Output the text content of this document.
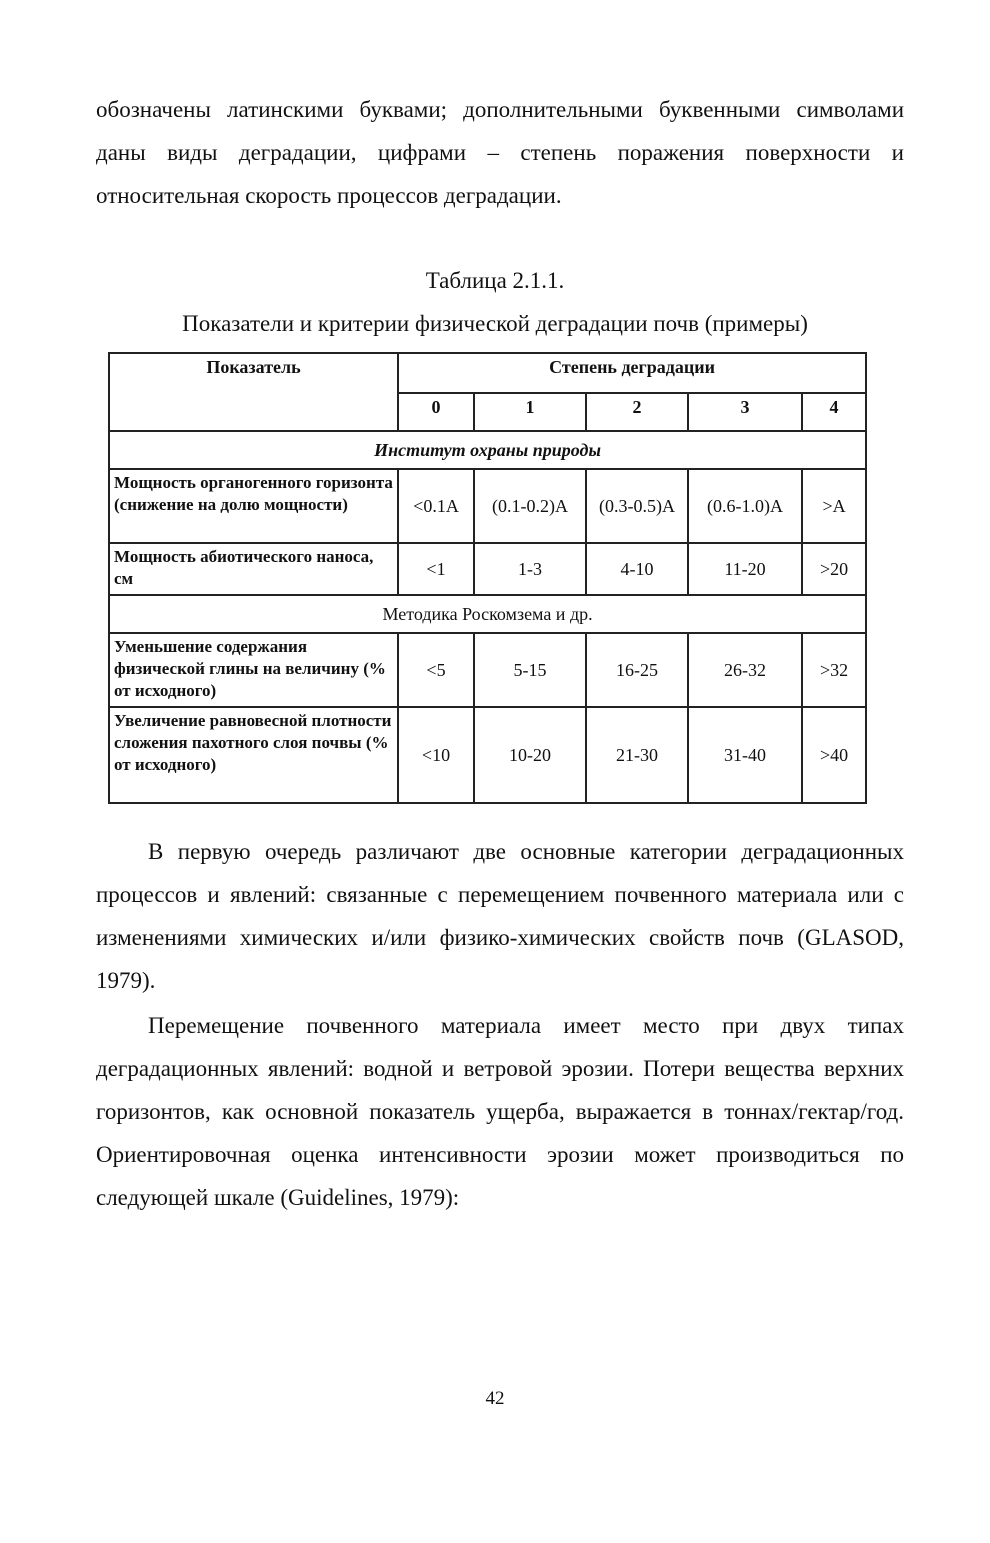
обозначены латинскими буквами; дополнительными буквенными символами даны виды деградации, цифрами – степень поражения поверхности и относительная скорость процессов деградации.
Таблица 2.1.1.
Показатели и критерии физической деградации почв (примеры)
Показатель	Степень деградации				
	0	1	2	3	4
Институт охраны природы					
Мощность органогенного горизонта (снижение на долю мощности)	<0.1A	(0.1-0.2)A	(0.3-0.5)A	(0.6-1.0)A	>A
Мощность абиотического наноса, см	<1	1-3	4-10	11-20	>20
Методика Роскомзема и др.					
Уменьшение содержания физической глины на величину (% от исходного)	<5	5-15	16-25	26-32	>32
Увеличение равновесной плотности сложения пахотного слоя почвы (% от исходного)	<10	10-20	21-30	31-40	>40
В первую очередь различают две основные категории деградационных процессов и явлений: связанные с перемещением почвенного материала или с изменениями химических и/или физико-химических свойств почв (GLASOD, 1979).
Перемещение почвенного материала имеет место при двух типах деградационных явлений: водной и ветровой эрозии. Потери вещества верхних горизонтов, как основной показатель ущерба, выражается в тоннах/гектар/год. Ориентировочная оценка интенсивности эрозии может производиться по следующей шкале (Guidelines, 1979):
42
